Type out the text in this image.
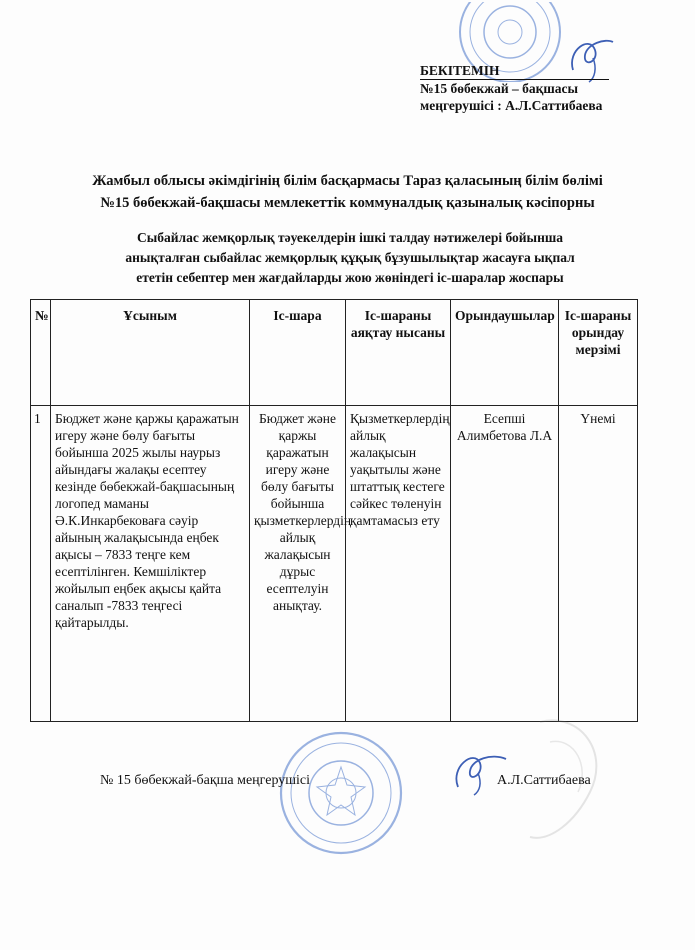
БЕКІТЕМІН
№15 бөбекжай – бақшасы
меңгерушісі : А.Л.Саттибаева
Жамбыл облысы әкімдігінің білім басқармасы Тараз қаласының білім бөлімі
№15 бөбекжай-бақшасы мемлекеттік коммуналдық қазыналық кәсіпорны
Сыбайлас жемқорлық тәуекелдерін ішкі талдау нәтижелері бойынша
анықталған сыбайлас жемқорлық құқық бұзушылықтар жасауға ықпал
ететін себептер мен жағдайларды жою жөніндегі іс-шаралар жоспары
№	Ұсыным	Іс-шара	Іс-шараны аяқтау нысаны	Орындаушылар	Іс-шараны орындау мерзімі
1	Бюджет және қаржы қаражатын игеру және бөлу бағыты бойынша 2025 жылы наурыз айындағы жалақы есептеу кезінде бөбекжай-бақшасының логопед маманы Ә.К.Инкарбековаға сәуір айының жалақысында еңбек ақысы – 7833 теңге кем есептілінген. Кемшіліктер жойылып еңбек ақысы қайта саналып -7833 теңгесі қайтарылды.	Бюджет және қаржы қаражатын игеру және бөлу бағыты бойынша қызметкерлердің айлық жалақысын дұрыс есептелуін анықтау.	Қызметкерлердің айлық жалақысын уақытылы және штаттық кестеге сәйкес төленуін қамтамасыз ету	Есепші Алимбетова Л.А	Үнемі
№ 15 бөбекжай-бақша меңгерушісі	А.Л.Саттибаева
